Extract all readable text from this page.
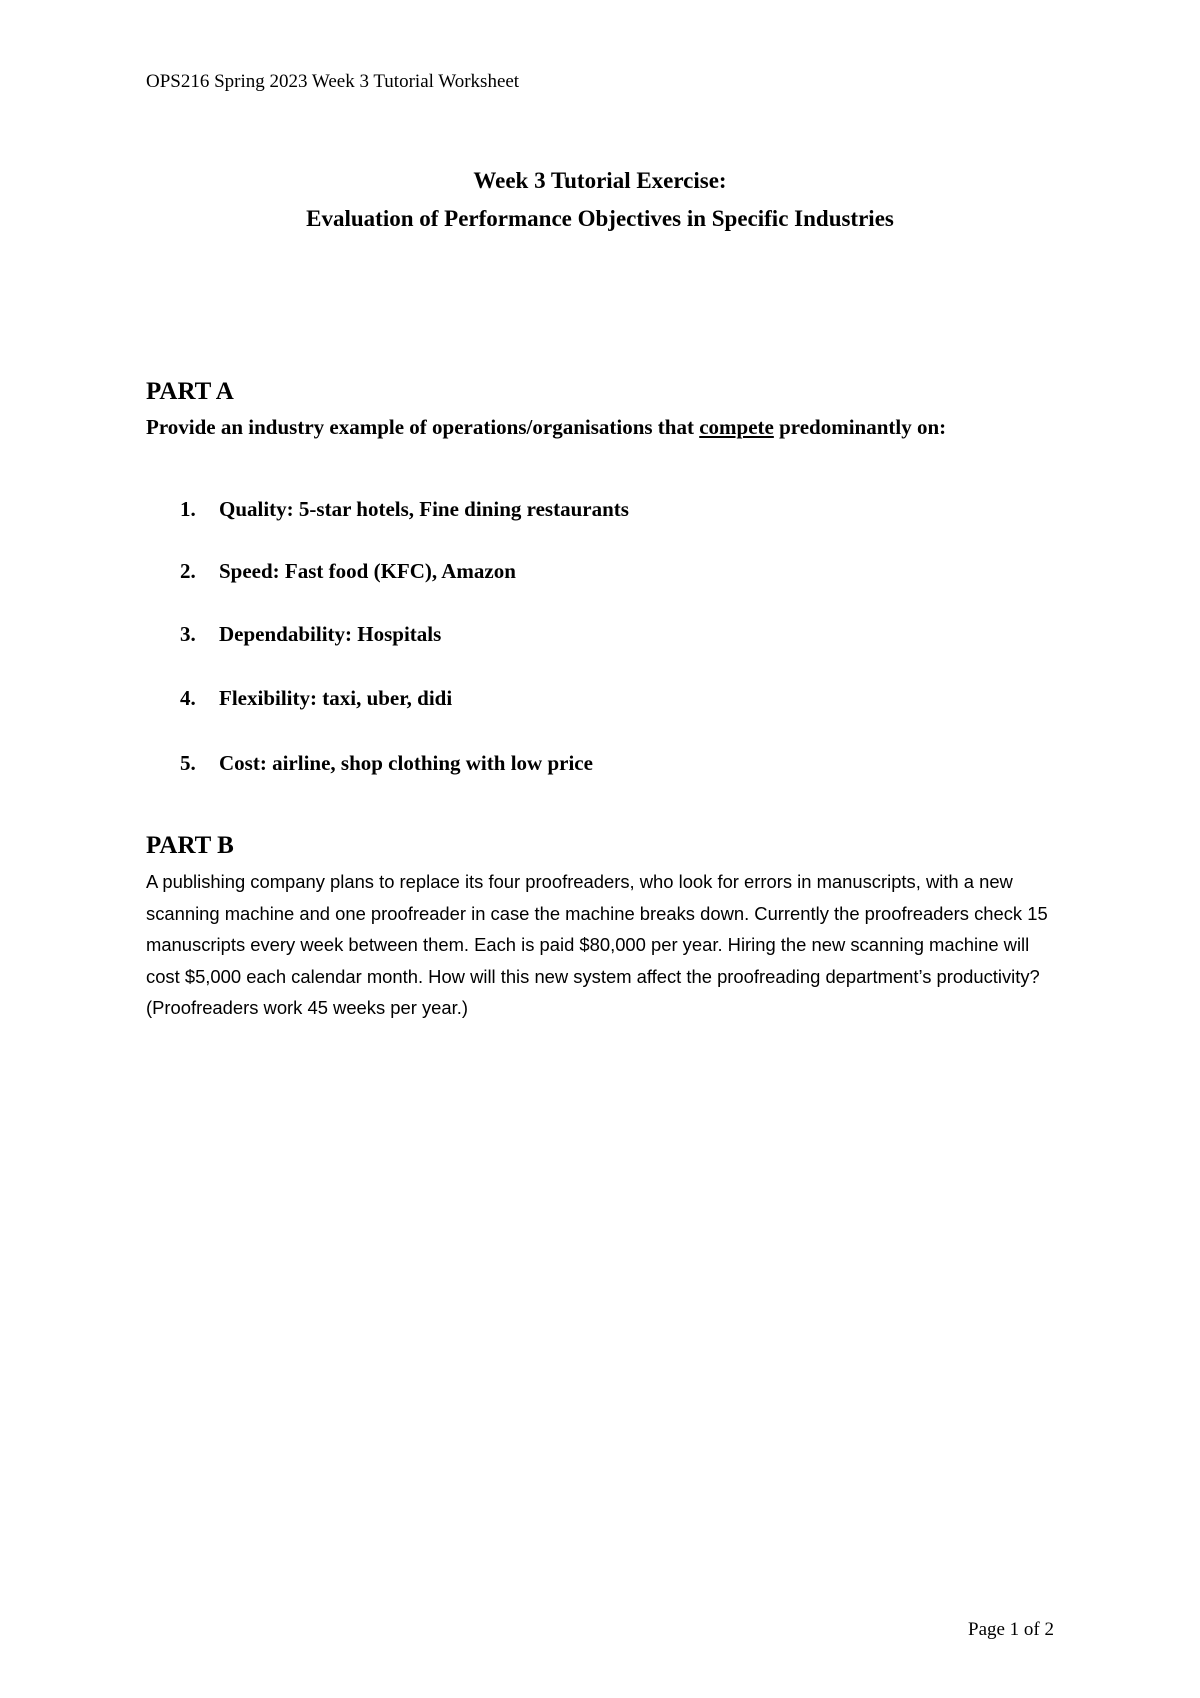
OPS216 Spring 2023 Week 3 Tutorial Worksheet
Week 3 Tutorial Exercise:
Evaluation of Performance Objectives in Specific Industries
PART A
Provide an industry example of operations/organisations that compete predominantly on:
1. Quality: 5-star hotels, Fine dining restaurants
2. Speed: Fast food (KFC), Amazon
3. Dependability: Hospitals
4. Flexibility: taxi, uber, didi
5. Cost: airline, shop clothing with low price
PART B
A publishing company plans to replace its four proofreaders, who look for errors in manuscripts, with a new scanning machine and one proofreader in case the machine breaks down. Currently the proofreaders check 15 manuscripts every week between them. Each is paid $80,000 per year. Hiring the new scanning machine will cost $5,000 each calendar month. How will this new system affect the proofreading department’s productivity? (Proofreaders work 45 weeks per year.)
Page 1 of 2
